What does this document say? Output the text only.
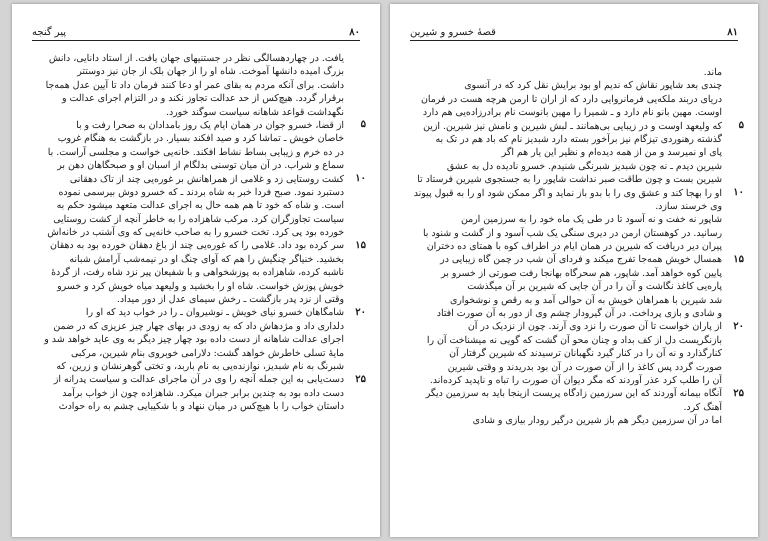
پیر گنجه	۸۰
یافت. در چهاردهسالگی نظر در جستنیهای جهان یافت. از استاد دانایی، دانش
بزرگ امیده دانشها آموخت. شاه او را از جهان بلک از جان نیز دوستتر
داشت. برای آنکه مردم به بقای عمر او دعا کنند فرمان داد تا آیین عدل همه‌جا
برقرار گردد. هیچ‌کس از حد عدالت تجاوز نکند و در التزام اجرای عدالت و
نگهداشت قواعد شاهانه سیاست سوگند خورد.
از قضا، خسرو جوان در همان ایام یک روز بامدادان به صحرا رفت و با
خاصان خویش ـ تماشا کرد و صید افکند بسیار. در بازگشت به هنگام غروب
در ده خرم و زیبایی بساط نشاط افکند. خانه‌یی خواست و مجلسی آراست. با
سماع و شراب. در آن میان توسنی بدلگام از اسبان او و صبحگاهان دهن بر
کشت روستایی زد و غلامی از همراهانش بر غوره‌یی چند از تاک دهقانی
دستبرد نمود. صبح فردا خبر به شاه بردند ـ که خسرو دوش بیرسمی نموده
است. و شاه که خود تا هم همه حال به اجرای عدالت متعهد میشود حکم به
سیاست تجاوزگران کرد. مرکب شاهزاده را به خاطر آنچه از کشت روستایی
خورده بود پی کرد. تخت خسرو را به صاحب خانه‌یی که وی آشنب در خانه‌اش
سر کرده بود داد. غلامی را که غوره‌یی چند از باغ دهقان خورده بود به دهقان
بخشید. خنیاگر چنگیش را هم که آوای چنگ او در نیمه‌شب آرامش شبانه
ناشبه کرده، شاهزاده به پوزشخواهی و با شفیعان پیر نزد شاه رفت، از گردهٔ
خویش پوزش خواست. شاه او را بخشید و ولیعهد میاه خویش کرد و خسرو
وقتی از نزد پدر بازگشت ـ رخش سیمای عدل از دور میداد.
شامگاهان خسرو نیای خویش ـ نوشیروان ـ را در خواب دید که او را
دلداری داد و مژدهاش داد که به زودی در بهای چهار چیز عزیزی که در ضمن
اجرای عدالت شاهانه از دست داده بود چهار چیز دیگر به وی عاید خواهد شد و
مایهٔ تسلی خاطرش خواهد گشت: دلارامی خوبروی بنام شیرین، مرکبی
شبرنگ به نام شبدیز، نوازنده‌یی به نام باربد، و تختی گوهرنشان و زرین، که
دست‌یابی به این جمله آنچه را وی در آن ماجرای عدالت و سیاست پدرانه از
دست داده بود به چندین برابر جبران میکرد. شاهزاده چون از خواب برآمد
داستان خواب را با هیچ‌کس در میان ننهاد و با شکیبایی چشم به راه حوادث
۵
۱۰
۱۵
۲۰
۲۵
قصهٔ خسرو و شیرین	۸۱
ماند.
چندی بعد شاپور نقاش که ندیم او بود برایش نقل کرد که در آنسوی
دریای دربند ملکه‌یی فرمانروایی دارد که از اران تا ارمن هرچه هست در فرمان
اوست. مهین بانو نام دارد و ـ شمیرا را مهین بانوست نام برادرزاده‌یی هم دارد
که ولیعهد اوست و در زیبایی بی‌همانند ـ لبش شیرین و نامش نیز شیرین. ازین
گذشته رهنوردی تیزگام نیز برآخور بسته دارد شبدیز نام که باد هم در تک به
پای او نمیرسد و من از همه دیده‌ام و نظیر این یار هم اگر
شیرین دیدم ـ نه چون شبدیز شبرنگی شنیدم. خسرو نادیده دل به عشق
شیرین بست و چون طاقت صبر نداشت شاپور را به جستجوی شیرین فرستاد تا
او را بهجا کند و عشق وی را با بدو باز نماید و اگر ممکن شود او را به قبول پیوند
وی خرسند سازد.
شاپور نه خفت و نه آسود تا در طی یک ماه خود را به سرزمین ارمن
رسانید. در کوهستان ارمن در دیری سنگی یک شب آسود و از گشت و شنود با
پیران دیر دریافت که شیرین در همان ایام در اطراف کوه با همتای ده دختران
همسال خویش همه‌جا تفرج میکند و فردای آن شب در چمن گاه زیبایی در
پایین کوه خواهد آمد. شاپور، هم سحرگاه بهانجا رفت صورتی از خسرو بر
پاره‌یی کاغذ نگاشت و آن را در آن جایی که شیرین بر آن میگذشت
شد شیرین با همراهان خویش به آن حوالی آمد و به رقص و نوشخواری
و شادی و بازی پرداخت. در آن گیرودار چشم وی از دور به آن صورت افتاد
از پاران خواست تا آن صورت را نزد وی آرند. چون از نزدیک در آن
بازنگریست دل از کف بداد و چنان محو آن گشت که گویی نه میشناخت آن را
کنارگذارد و نه آن را در کنار گیرد نگهبانان ترسیدند که شیرین گرفتار آن
صورت گردد پس کاغذ را از آن صورت در آن بود بدریدند و وقتی شیرین
آن را طلب کرد عذر آوردند که مگر دیوان آن صورت را تباه و ناپدید کرده‌اند.
آنگاه بیمانه آوردند که این سرزمین زادگاه پریست ازینجا باید به سرزمین دیگر
آهنگ کرد.
اما در آن سرزمین دیگر هم باز شیرین درگیر رودار بیازی و شادی
۵
۱۰
۱۵
۲۰
۲۵
